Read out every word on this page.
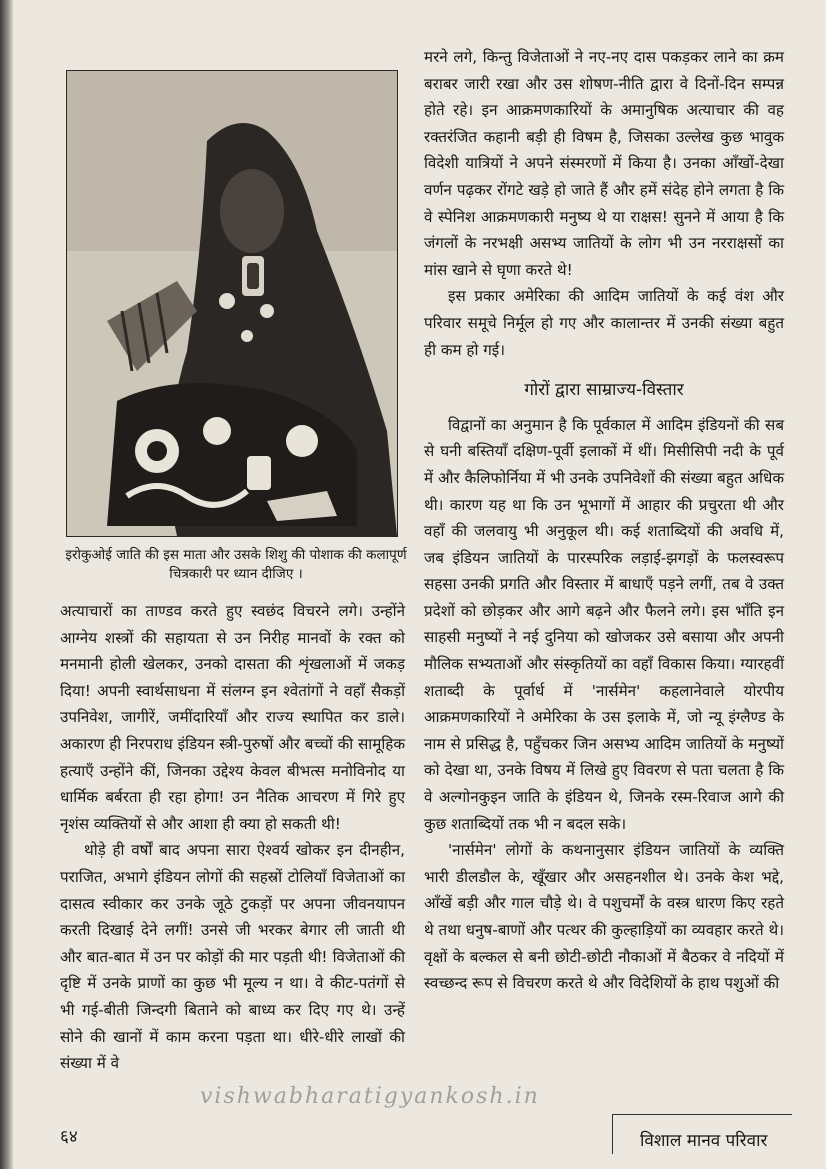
इरोकुओई जाति की इस माता और उसके शिशु की पोशाक की कलापूर्ण चित्रकारी पर ध्यान दीजिए ।

अत्याचारों का ताण्डव करते हुए स्वछंद विचरने लगे। उन्होंने आग्नेय शस्त्रों की सहायता से उन निरीह मानवों के रक्त को मनमानी होली खेलकर, उनको दासता की शृंखलाओं में जकड़ दिया! अपनी स्वार्थसाधना में संलग्न इन श्वेतांगों ने वहाँ सैकड़ों उपनिवेश, जागीरें, जमींदारियाँ और राज्य स्थापित कर डाले। अकारण ही निरपराध इंडियन स्त्री-पुरुषों और बच्चों की सामूहिक हत्याएँ उन्होंने कीं, जिनका उद्देश्य केवल बीभत्स मनोविनोद या धार्मिक बर्बरता ही रहा होगा! उन नैतिक आचरण में गिरे हुए नृशंस व्यक्तियों से और आशा ही क्या हो सकती थी!

थोड़े ही वर्षों बाद अपना सारा ऐश्वर्य खोकर इन दीनहीन, पराजित, अभागे इंडियन लोगों की सहस्रों टोलियाँ विजेताओं का दासत्व स्वीकार कर उनके जूठे टुकड़ों पर अपना जीवनयापन करती दिखाई देने लगीं! उनसे जी भरकर बेगार ली जाती थी और बात-बात में उन पर कोड़ों की मार पड़ती थी! विजेताओं की दृष्टि में उनके प्राणों का कुछ भी मूल्य न था। वे कीट-पतंगों से भी गई-बीती जिन्दगी बिताने को बाध्य कर दिए गए थे। उन्हें सोने की खानों में काम करना पड़ता था। धीरे-धीरे लाखों की संख्या में वे

मरने लगे, किन्तु विजेताओं ने नए-नए दास पकड़कर लाने का क्रम बराबर जारी रखा और उस शोषण-नीति द्वारा वे दिनों-दिन सम्पन्न होते रहे। इन आक्रमणकारियों के अमानुषिक अत्याचार की वह रक्तरंजित कहानी बड़ी ही विषम है, जिसका उल्लेख कुछ भावुक विदेशी यात्रियों ने अपने संस्मरणों में किया है। उनका आँखों-देखा वर्णन पढ़कर रोंगटे खड़े हो जाते हैं और हमें संदेह होने लगता है कि वे स्पेनिश आक्रमणकारी मनुष्य थे या राक्षस! सुनने में आया है कि जंगलों के नरभक्षी असभ्य जातियों के लोग भी उन नरराक्षसों का मांस खाने से घृणा करते थे!

इस प्रकार अमेरिका की आदिम जातियों के कई वंश और परिवार समूचे निर्मूल हो गए और कालान्तर में उनकी संख्या बहुत ही कम हो गई।

गोरों द्वारा साम्राज्य-विस्तार

विद्वानों का अनुमान है कि पूर्वकाल में आदिम इंडियनों की सब से घनी बस्तियाँ दक्षिण-पूर्वी इलाकों में थीं। मिसीसिपी नदी के पूर्व में और कैलिफोर्निया में भी उनके उपनिवेशों की संख्या बहुत अधिक थी। कारण यह था कि उन भूभागों में आहार की प्रचुरता थी और वहाँ की जलवायु भी अनुकूल थी। कई शताब्दियों की अवधि में, जब इंडियन जातियों के पारस्परिक लड़ाई-झगड़ों के फलस्वरूप सहसा उनकी प्रगति और विस्तार में बाधाएँ पड़ने लगीं, तब वे उक्त प्रदेशों को छोड़कर और आगे बढ़ने और फैलने लगे। इस भाँति इन साहसी मनुष्यों ने नई दुनिया को खोजकर उसे बसाया और अपनी मौलिक सभ्यताओं और संस्कृतियों का वहाँ विकास किया। ग्यारहवीं शताब्दी के पूर्वार्ध में 'नार्समेन' कहलानेवाले योरपीय आक्रमणकारियों ने अमेरिका के उस इलाके में, जो न्यू इंग्लैण्ड के नाम से प्रसिद्ध है, पहुँचकर जिन असभ्य आदिम जातियों के मनुष्यों को देखा था, उनके विषय में लिखे हुए विवरण से पता चलता है कि वे अल्गोनकुइन जाति के इंडियन थे, जिनके रस्म-रिवाज आगे की कुछ शताब्दियों तक भी न बदल सके।

'नार्समेन' लोगों के कथनानुसार इंडियन जातियों के व्यक्ति भारी डीलडौल के, खूँखार और असहनशील थे। उनके केश भद्दे, आँखें बड़ी और गाल चौड़े थे। वे पशुचर्मों के वस्त्र धारण किए रहते थे तथा धनुष-बाणों और पत्थर की कुल्हाड़ियों का व्यवहार करते थे। वृक्षों के बल्कल से बनी छोटी-छोटी नौकाओं में बैठकर वे नदियों में स्वच्छन्द रूप से विचरण करते थे और विदेशियों के हाथ पशुओं की

vishwabharatigyankosh.in
६४	विशाल मानव परिवार
